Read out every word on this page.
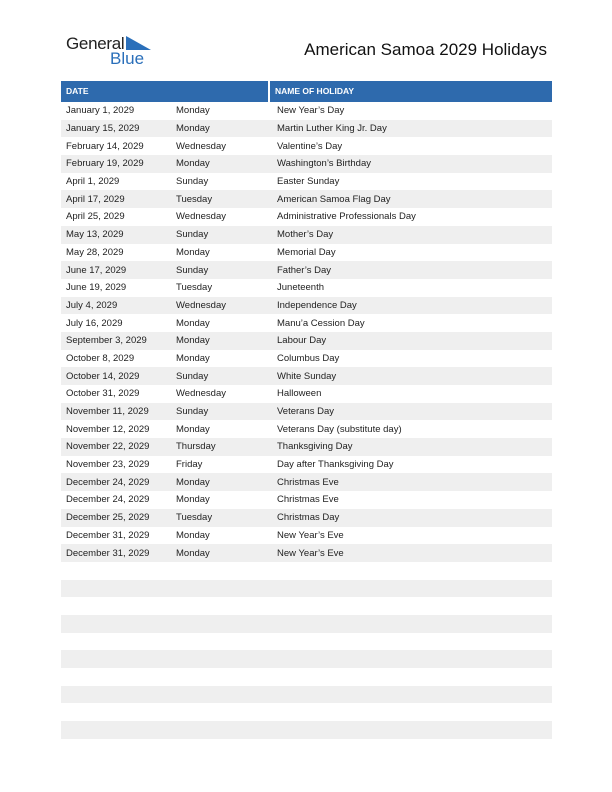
General
Blue	American Samoa 2029 Holidays
DATE	NAME OF HOLIDAY
January 1, 2029	Monday	New Year’s Day
January 15, 2029	Monday	Martin Luther King Jr. Day
February 14, 2029	Wednesday	Valentine’s Day
February 19, 2029	Monday	Washington’s Birthday
April 1, 2029	Sunday	Easter Sunday
April 17, 2029	Tuesday	American Samoa Flag Day
April 25, 2029	Wednesday	Administrative Professionals Day
May 13, 2029	Sunday	Mother’s Day
May 28, 2029	Monday	Memorial Day
June 17, 2029	Sunday	Father’s Day
June 19, 2029	Tuesday	Juneteenth
July 4, 2029	Wednesday	Independence Day
July 16, 2029	Monday	Manu’a Cession Day
September 3, 2029	Monday	Labour Day
October 8, 2029	Monday	Columbus Day
October 14, 2029	Sunday	White Sunday
October 31, 2029	Wednesday	Halloween
November 11, 2029	Sunday	Veterans Day
November 12, 2029	Monday	Veterans Day (substitute day)
November 22, 2029	Thursday	Thanksgiving Day
November 23, 2029	Friday	Day after Thanksgiving Day
December 24, 2029	Monday	Christmas Eve
December 24, 2029	Monday	Christmas Eve
December 25, 2029	Tuesday	Christmas Day
December 31, 2029	Monday	New Year’s Eve
December 31, 2029	Monday	New Year’s Eve
